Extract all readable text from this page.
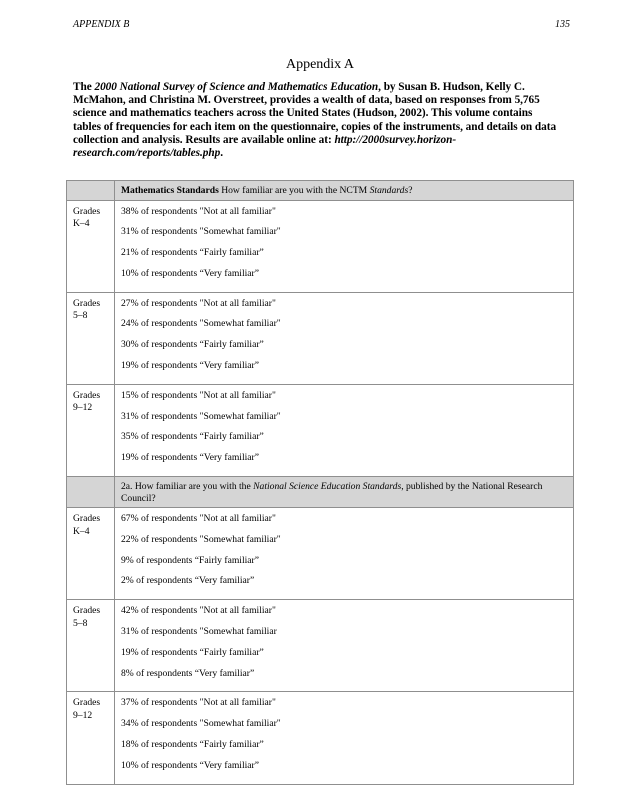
APPENDIX B	135
Appendix A

The 2000 National Survey of Science and Mathematics Education, by Susan B. Hudson, Kelly C. McMahon, and Christina M. Overstreet, provides a wealth of data, based on responses from 5,765 science and mathematics teachers across the United States (Hudson, 2002). This volume contains tables of frequencies for each item on the questionnaire, copies of the instruments, and details on data collection and analysis. Results are available online at: http://2000survey.horizon-research.com/reports/tables.php.

	Mathematics Standards How familiar are you with the NCTM Standards?
Grades
K–4	38% of respondents "Not at all familiar"
31% of respondents "Somewhat familiar"
21% of respondents “Fairly familiar”
10% of respondents “Very familiar”

Grades
5–8	27% of respondents "Not at all familiar"
24% of respondents "Somewhat familiar"
30% of respondents “Fairly familiar”
19% of respondents “Very familiar”

Grades
9–12	15% of respondents "Not at all familiar"
31% of respondents "Somewhat familiar"
35% of respondents “Fairly familiar”
19% of respondents “Very familiar”

	2a. How familiar are you with the National Science Education Standards, published by the National Research Council?
Grades
K–4	67% of respondents "Not at all familiar"
22% of respondents "Somewhat familiar"
9% of respondents “Fairly familiar”
2% of respondents “Very familiar”

Grades
5–8	42% of respondents "Not at all familiar"
31% of respondents "Somewhat familiar
19% of respondents “Fairly familiar”
8% of respondents “Very familiar”

Grades
9–12	37% of respondents "Not at all familiar"
34% of respondents "Somewhat familiar"
18% of respondents “Fairly familiar”
10% of respondents “Very familiar”
